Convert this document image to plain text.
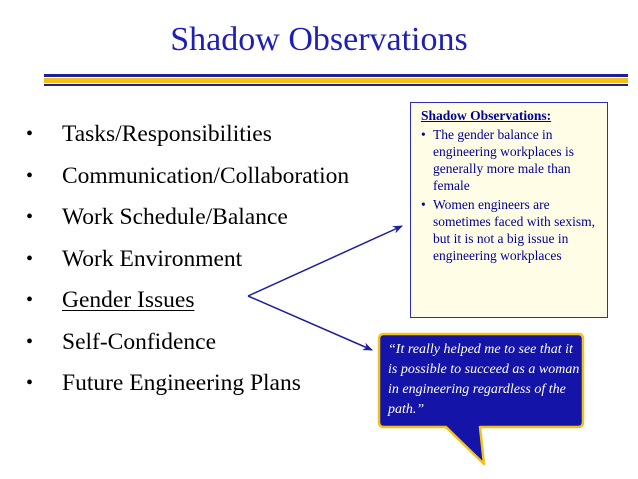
Shadow Observations
• Tasks/Responsibilities
• Communication/Collaboration
• Work Schedule/Balance
• Work Environment
• Gender Issues
• Self-Confidence
• Future Engineering Plans
Shadow Observations:
• The gender balance in engineering workplaces is generally more male than female
• Women engineers are sometimes faced with sexism, but it is not a big issue in engineering workplaces
“It really helped me to see that it is possible to succeed as a woman in engineering regardless of the path.”
